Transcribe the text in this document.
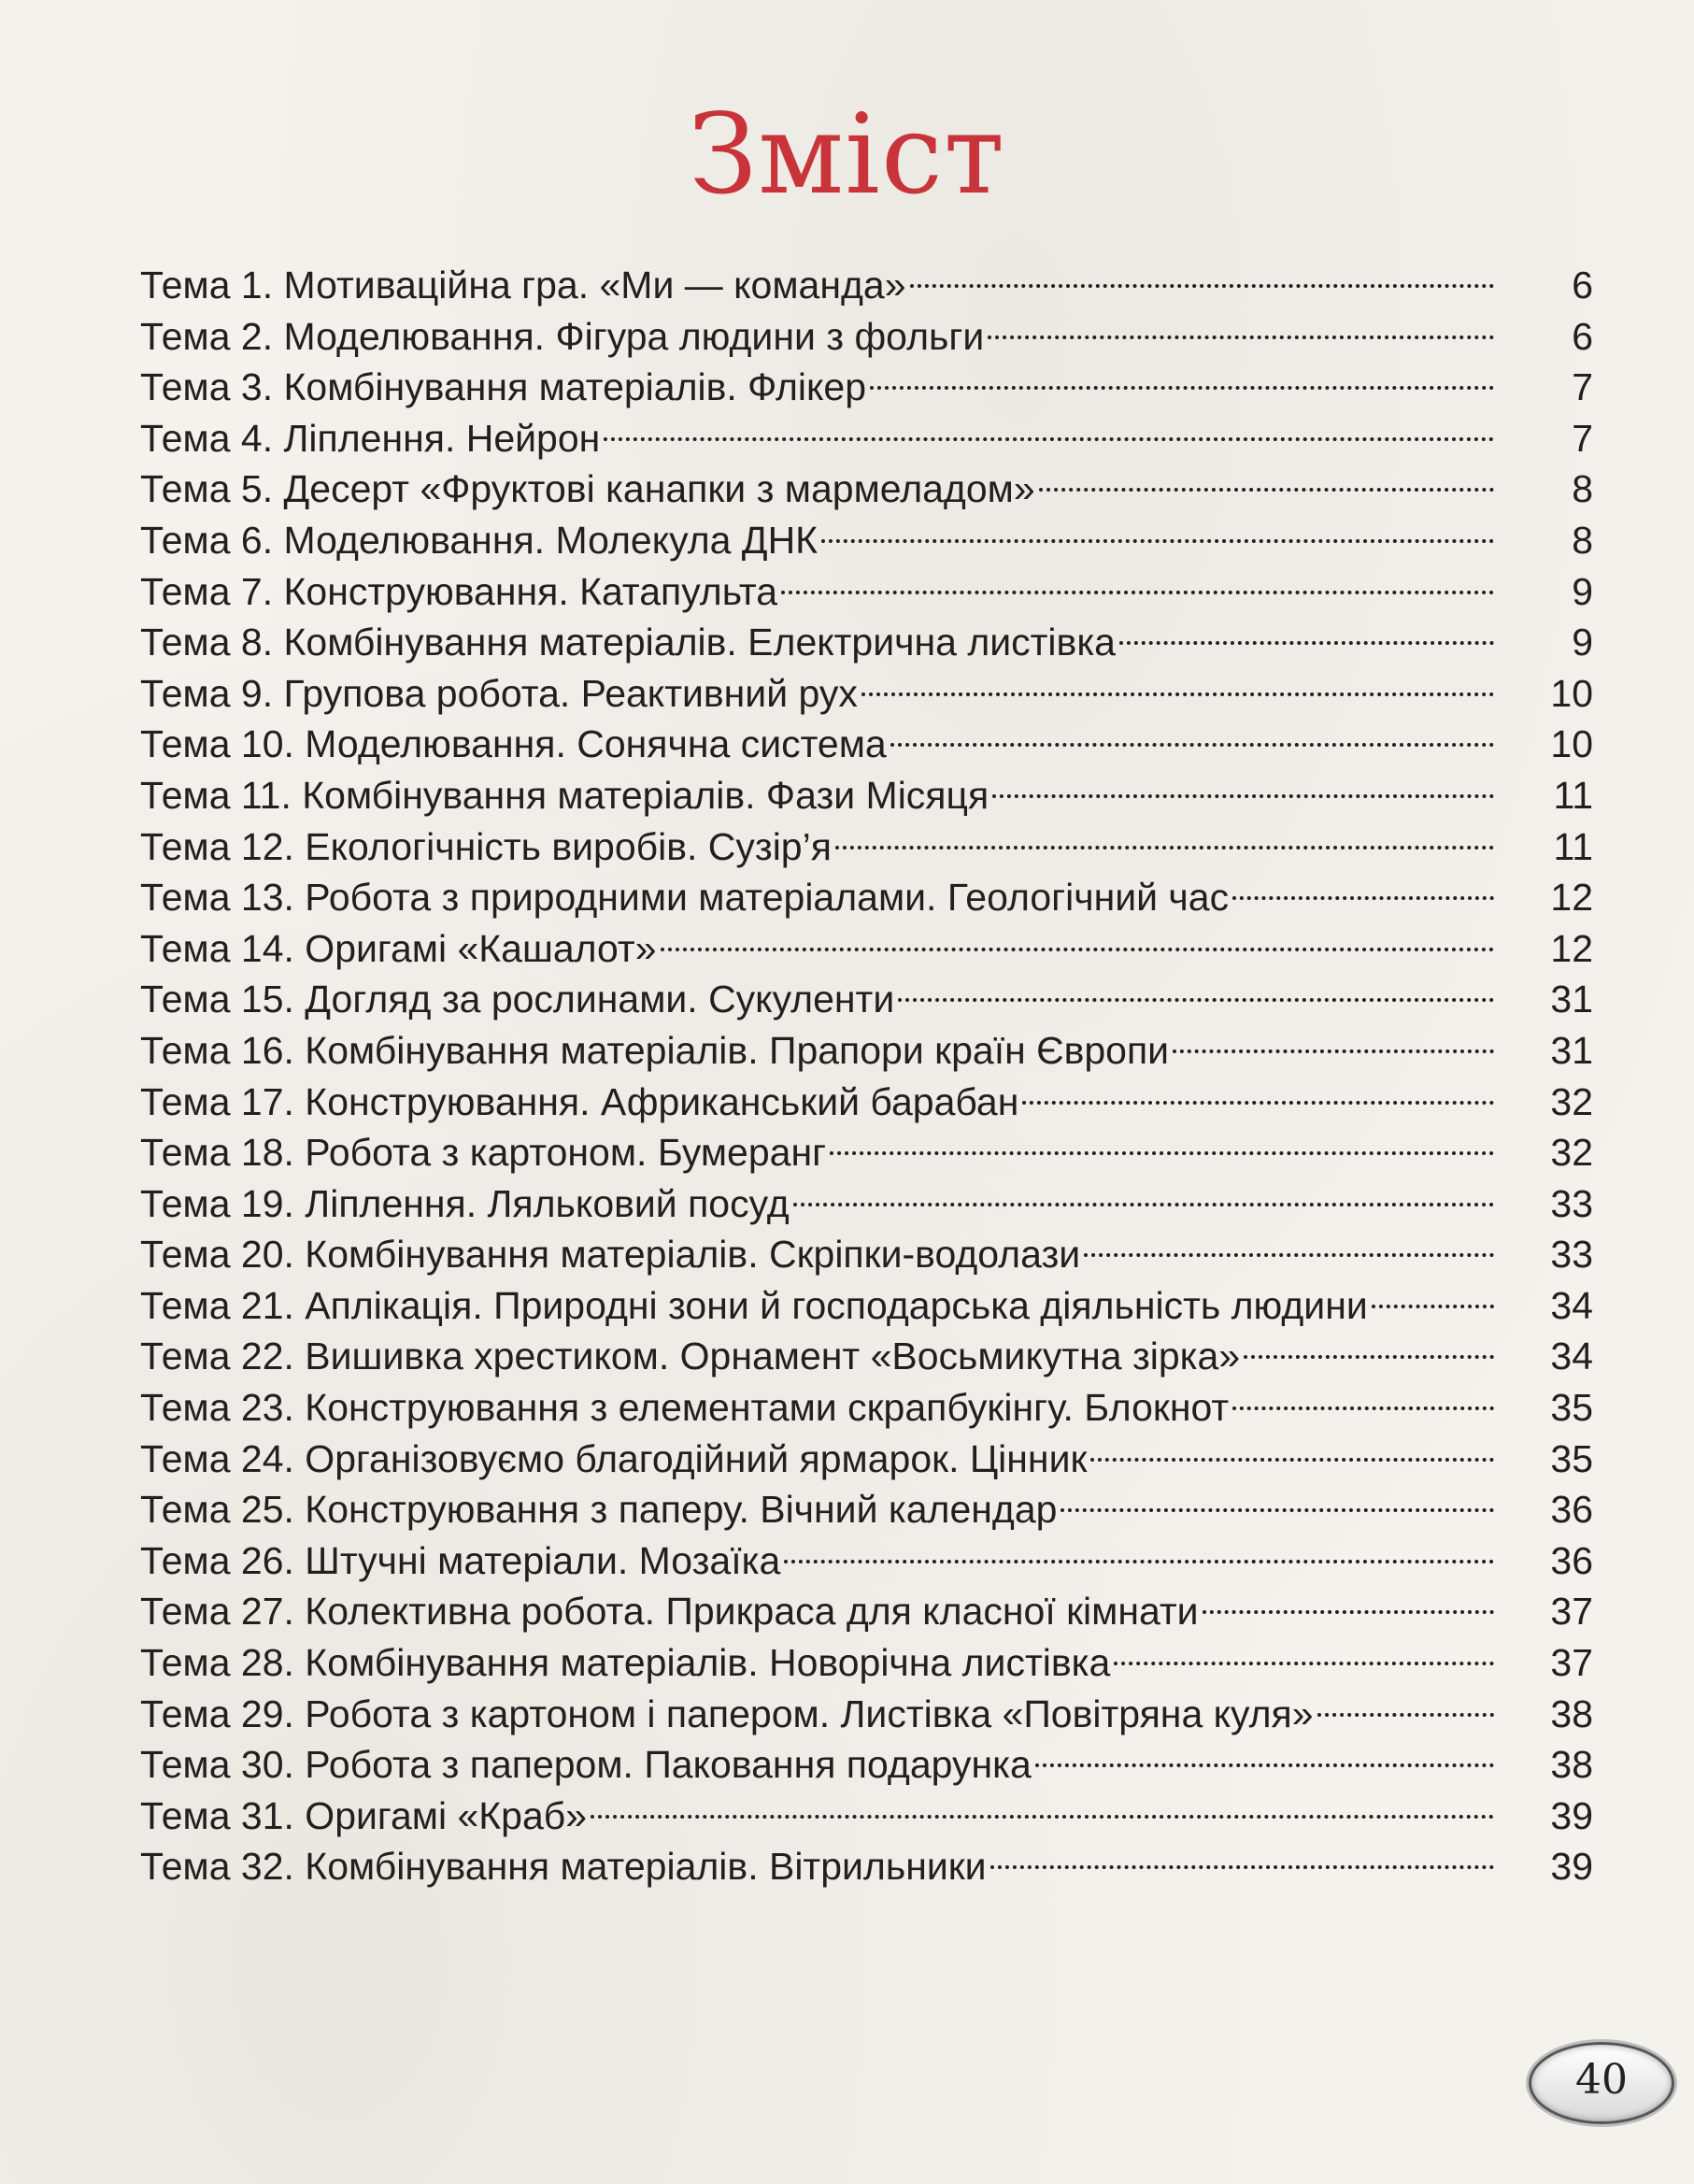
Зміст
Тема 1. Мотиваційна гра. «Ми — команда»	6
Тема 2. Моделювання. Фігура людини з фольги	6
Тема 3. Комбінування матеріалів. Флікер	7
Тема 4. Ліплення. Нейрон	7
Тема 5. Десерт «Фруктові канапки з мармеладом»	8
Тема 6. Моделювання. Молекула ДНК	8
Тема 7. Конструювання. Катапульта	9
Тема 8. Комбінування матеріалів. Електрична листівка	9
Тема 9. Групова робота. Реактивний рух	10
Тема 10. Моделювання. Сонячна система	10
Тема 11. Комбінування матеріалів. Фази Місяця	11
Тема 12. Екологічність виробів. Сузір’я	11
Тема 13. Робота з природними матеріалами. Геологічний час	12
Тема 14. Оригамі «Кашалот»	12
Тема 15. Догляд за рослинами. Сукуленти	31
Тема 16. Комбінування матеріалів. Прапори країн Європи	31
Тема 17. Конструювання. Африканський барабан	32
Тема 18. Робота з картоном. Бумеранг	32
Тема 19. Ліплення. Ляльковий посуд	33
Тема 20. Комбінування матеріалів. Скріпки-водолази	33
Тема 21. Аплікація. Природні зони й господарська діяльність людини	34
Тема 22. Вишивка хрестиком. Орнамент «Восьмикутна зірка»	34
Тема 23. Конструювання з елементами скрапбукінгу. Блокнот	35
Тема 24. Організовуємо благодійний ярмарок. Цінник	35
Тема 25. Конструювання з паперу. Вічний календар	36
Тема 26. Штучні матеріали. Мозаїка	36
Тема 27. Колективна робота. Прикраса для класної кімнати	37
Тема 28. Комбінування матеріалів. Новорічна листівка	37
Тема 29. Робота з картоном і папером. Листівка «Повітряна куля»	38
Тема 30. Робота з папером. Паковання подарунка	38
Тема 31. Оригамі «Краб»	39
Тема 32. Комбінування матеріалів. Вітрильники	39
40
